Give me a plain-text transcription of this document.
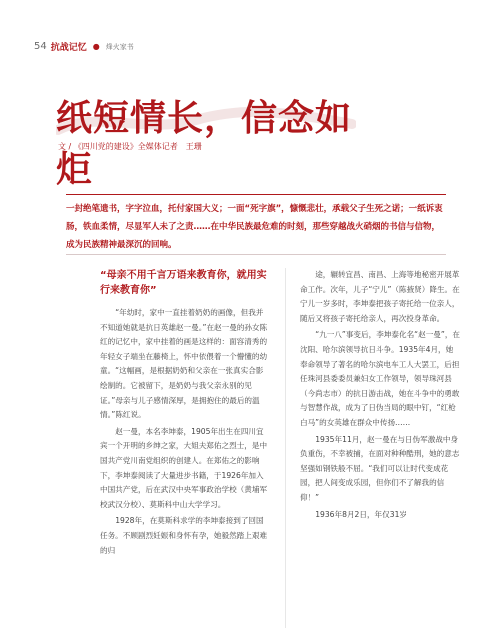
54 抗战记忆 ● 烽火家书
纸短情长，信念如炬
文 / 《四川党的建设》全媒体记者　王珊
一封绝笔遗书，字字泣血，托付家国大义；一面“死字旗”，慷慨悲壮，承载父子生死之诺；一纸诉衷肠，铁血柔情，尽显军人未了之责……在中华民族最危难的时刻，那些穿越战火硝烟的书信与信物，成为民族精神最深沉的回响。

“母亲不用千言万语来教育你，就用实行来教育你”

“年幼时，家中一直挂着奶奶的画像，但我并不知道她就是抗日英雄赵一曼。”在赵一曼的孙女陈红的记忆中，家中挂着的画是这样的：面容清秀的年轻女子端坐在藤椅上，怀中依偎着一个懵懂的幼童。“这幅画，是根据奶奶和父亲在一张真实合影绘制的。它被留下，是奶奶与我父亲永别的见证。”母亲与儿子感情深厚，是拥抱住的最后的温情。”陈红说。

赵一曼，本名李坤泰，1905年出生在四川宜宾一个开明的乡绅之家，大姐夫郑佑之烈士，是中国共产党川南党组织的创建人。在郑佑之的影响下，李坤泰阅读了大量进步书籍，于1926年加入中国共产党，后在武汉中央军事政治学校（黄埔军校武汉分校）、莫斯科中山大学学习。

1928年，在莫斯科求学的李坤泰接到了回国任务。不顾剧烈妊娠和身怀有孕，她毅然踏上艰难的归

途，辗转宜昌、南昌、上海等地秘密开展革命工作。次年，儿子“宁儿”（陈掖贤）降生。在宁儿一岁多时，李坤泰把孩子寄托给一位亲人，随后又将孩子寄托给亲人，再次投身革命。

“九一八”事变后，李坤泰化名“赵一曼”，在沈阳、哈尔滨领导抗日斗争。1935年4月，她奉命领导了著名的哈尔滨电车工人大罢工，后担任珠河县委委员兼妇女工作领导，领导珠河县（今尚志市）的抗日游击战，她在斗争中的勇敢与智慧作战，成为了日伪当局的眼中钉，“红枪白马”的女英雄在群众中传扬……

1935年11月，赵一曼在与日伪军激战中身负重伤，不幸被捕，在面对种种酷刑，她的意志坚强如钢铁般不屈。“我们可以让时代变成花园，把人间变成乐园，但你们不了解我的信仰！”

1936年8月2日，年仅31岁
